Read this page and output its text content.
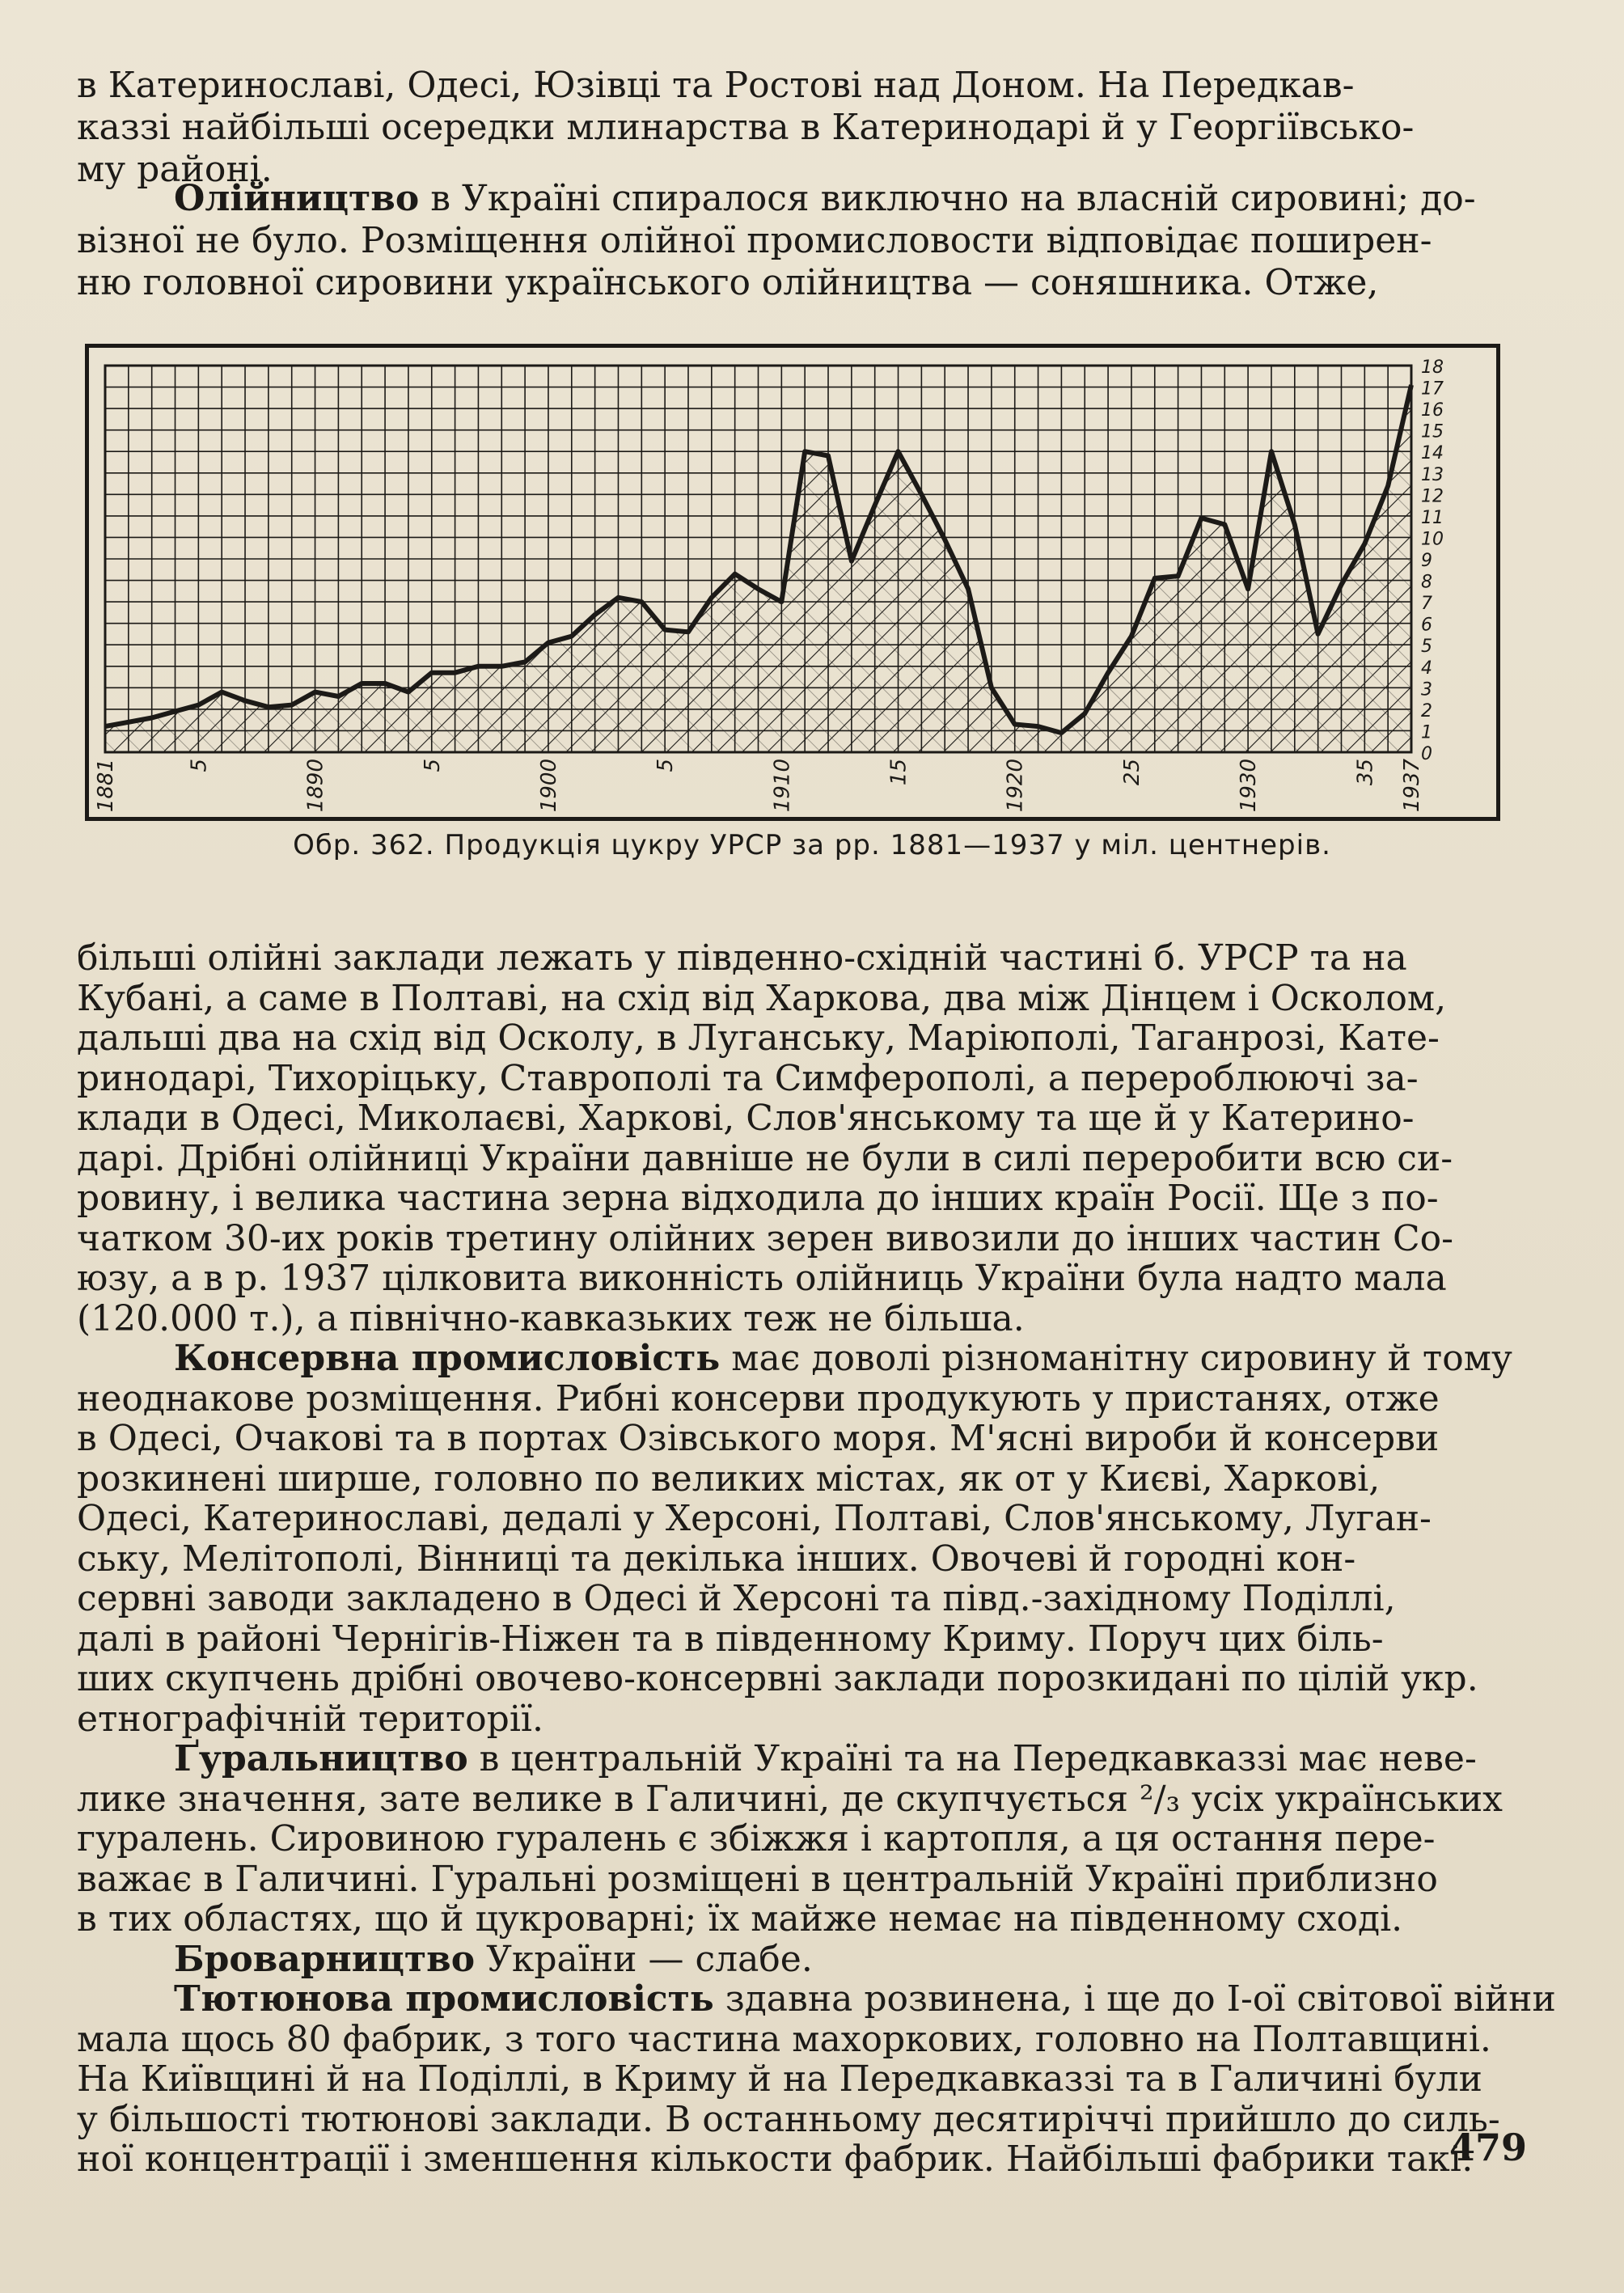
в Катеринославі, Одесі, Юзівці та Ростові над Доном. На Передкав-
каззі найбільші осередки млинарства в Катеринодарі й у Георгіївсько-
му районі.

Олійництво в Україні спиралося виключно на власній сировині; до-
візної не було. Розміщення олійної промисловости відповідає поширен-
ню головної сировини українського олійництва — соняшника. Отже,

0
1
2
3
4
5
6
7
8
9
10
11
12
13
14
15
16
17
18
1881	5	1890	5	1900	5	1910	15	1920	25	1930	35 1937
Обр. 362. Продукція цукру УРСР за рр. 1881—1937 у міл. центнерів.

більші олійні заклади лежать у південно-східній частині б. УРСР та на
Кубані, а саме в Полтаві, на схід від Харкова, два між Дінцем і Осколом,
дальші два на схід від Осколу, в Луганську, Маріюполі, Таганрозі, Кате-
ринодарі, Тихоріцьку, Ставрополі та Симферополі, а перероблюючі за-
клади в Одесі, Миколаєві, Харкові, Слов'янському та ще й у Катерино-
дарі. Дрібні олійниці України давніше не були в силі переробити всю си-
ровину, і велика частина зерна відходила до інших країн Росії. Ще з по-
чатком 30-их років третину олійних зерен вивозили до інших частин Со-
юзу, а в р. 1937 цілковита виконність олійниць України була надто мала
(120.000 т.), а північно-кавказьких теж не більша.
Консервна промисловість має доволі різноманітну сировину й тому
неоднакове розміщення. Рибні консерви продукують у пристанях, отже
в Одесі, Очакові та в портах Озівського моря. М'ясні вироби й консерви
розкинені ширше, головно по великих містах, як от у Києві, Харкові,
Одесі, Катеринославі, дедалі у Херсоні, Полтаві, Слов'янському, Луган-
ську, Мелітополі, Вінниці та декілька інших. Овочеві й городні кон-
сервні заводи закладено в Одесі й Херсоні та півд.-західному Поділлі,
далі в районі Чернігів-Ніжен та в південному Криму. Поруч цих біль-
ших скупчень дрібні овочево-консервні заклади порозкидані по цілій укр.
етнографічній території.
Ґуральництво в центральній Україні та на Передкавказзі має неве-
лике значення, зате велике в Галичині, де скупчується ²/₃ усіх українських
гуралень. Сировиною гуралень є збіжжя і картопля, а ця остання пере-
важає в Галичині. Гуральні розміщені в центральній Україні приблизно
в тих областях, що й цукроварні; їх майже немає на південному сході.
Броварництво України — слабе.
Тютюнова промисловість здавна розвинена, і ще до І-ої світової війни
мала щось 80 фабрик, з того частина махоркових, головно на Полтавщині.
На Київщині й на Поділлі, в Криму й на Передкавказзі та в Галичині були
у більшості тютюнові заклади. В останньому десятиріччі прийшло до силь-
ної концентрації і зменшення кількости фабрик. Найбільші фабрики такі:

479
